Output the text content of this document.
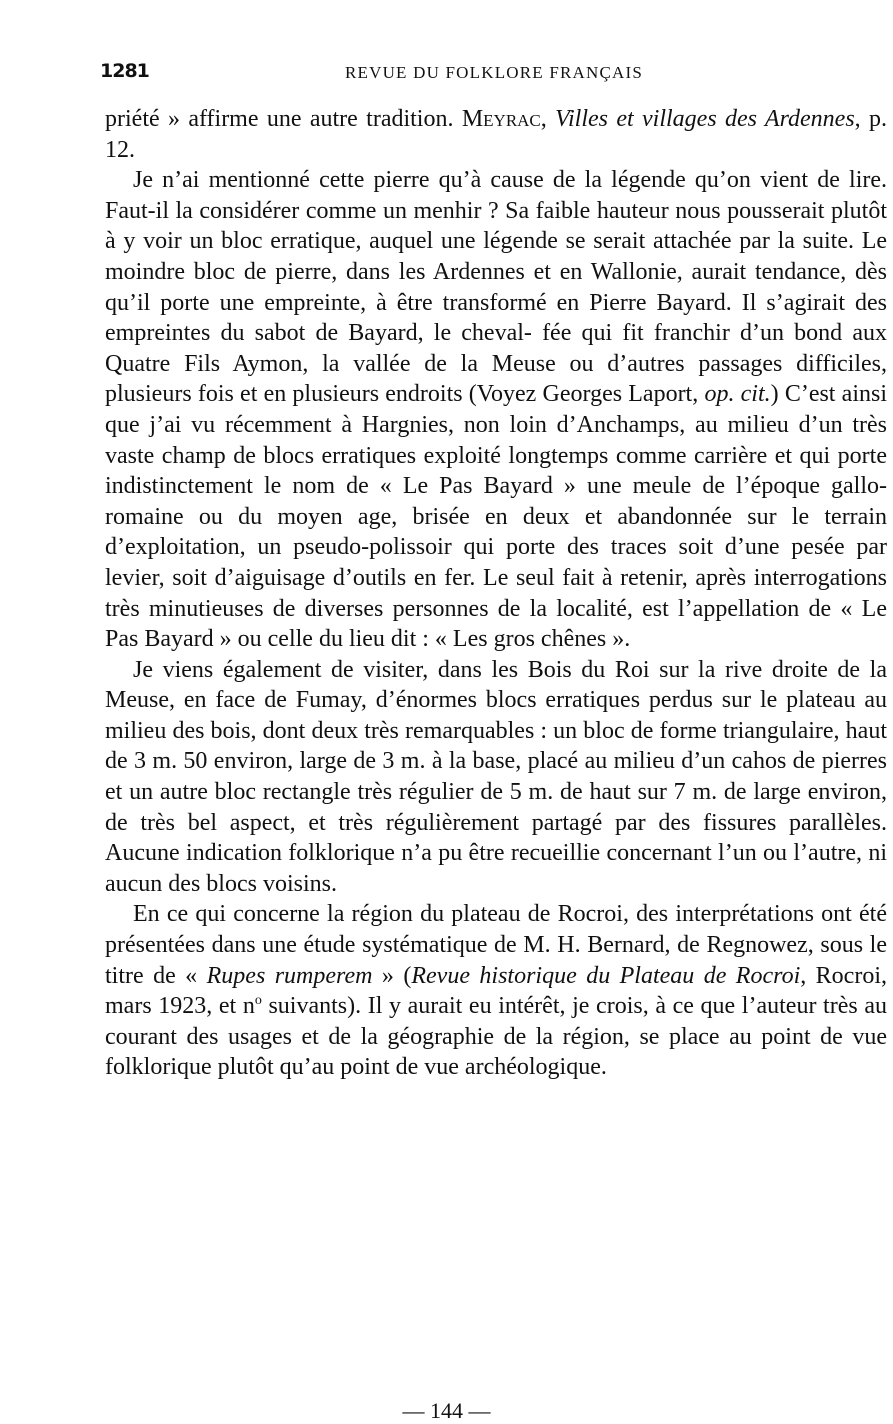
1281	REVUE DU FOLKLORE FRANÇAIS

priété » affirme une autre tradition. Meyrac, Villes et villages des Ardennes, p. 12.

Je n’ai mentionné cette pierre qu’à cause de la légende qu’on vient de lire. Faut-il la considérer comme un menhir ? Sa faible hauteur nous pousserait plutôt à y voir un bloc erratique, auquel une légende se serait attachée par la suite. Le moindre bloc de pierre, dans les Ardennes et en Wallonie, aurait tendance, dès qu’il porte une empreinte, à être transformé en Pierre Bayard. Il s’agirait des empreintes du sabot de Bayard, le cheval- fée qui fit franchir d’un bond aux Quatre Fils Aymon, la vallée de la Meuse ou d’autres passages difficiles, plusieurs fois et en plusieurs endroits (Voyez Georges Laport, op. cit.) C’est ainsi que j’ai vu récemment à Hargnies, non loin d’Anchamps, au milieu d’un très vaste champ de blocs erratiques exploité longtemps comme carrière et qui porte indistinctement le nom de « Le Pas Bayard » une meule de l’époque gallo-romaine ou du moyen age, brisée en deux et abandonnée sur le terrain d’exploitation, un pseudo-polissoir qui porte des traces soit d’une pesée par levier, soit d’aiguisage d’outils en fer. Le seul fait à retenir, après interrogations très minutieuses de diverses personnes de la localité, est l’appellation de « Le Pas Bayard » ou celle du lieu dit : « Les gros chênes ».

Je viens également de visiter, dans les Bois du Roi sur la rive droite de la Meuse, en face de Fumay, d’énormes blocs erratiques perdus sur le plateau au milieu des bois, dont deux très remarquables : un bloc de forme triangulaire, haut de 3 m. 50 environ, large de 3 m. à la base, placé au milieu d’un cahos de pierres et un autre bloc rectangle très régulier de 5 m. de haut sur 7 m. de large environ, de très bel aspect, et très régulièrement partagé par des fissures parallèles. Aucune indication folklorique n’a pu être recueillie concernant l’un ou l’autre, ni aucun des blocs voisins.

En ce qui concerne la région du plateau de Rocroi, des interprétations ont été présentées dans une étude systématique de M. H. Bernard, de Regnowez, sous le titre de « Rupes rumperem » (Revue historique du Plateau de Rocroi, Rocroi, mars 1923, et $n^o$ suivants). Il y aurait eu intérêt, je crois, à ce que l’auteur très au courant des usages et de la géographie de la région, se place au point de vue folklorique plutôt qu’au point de vue archéologique.

— 144 —
